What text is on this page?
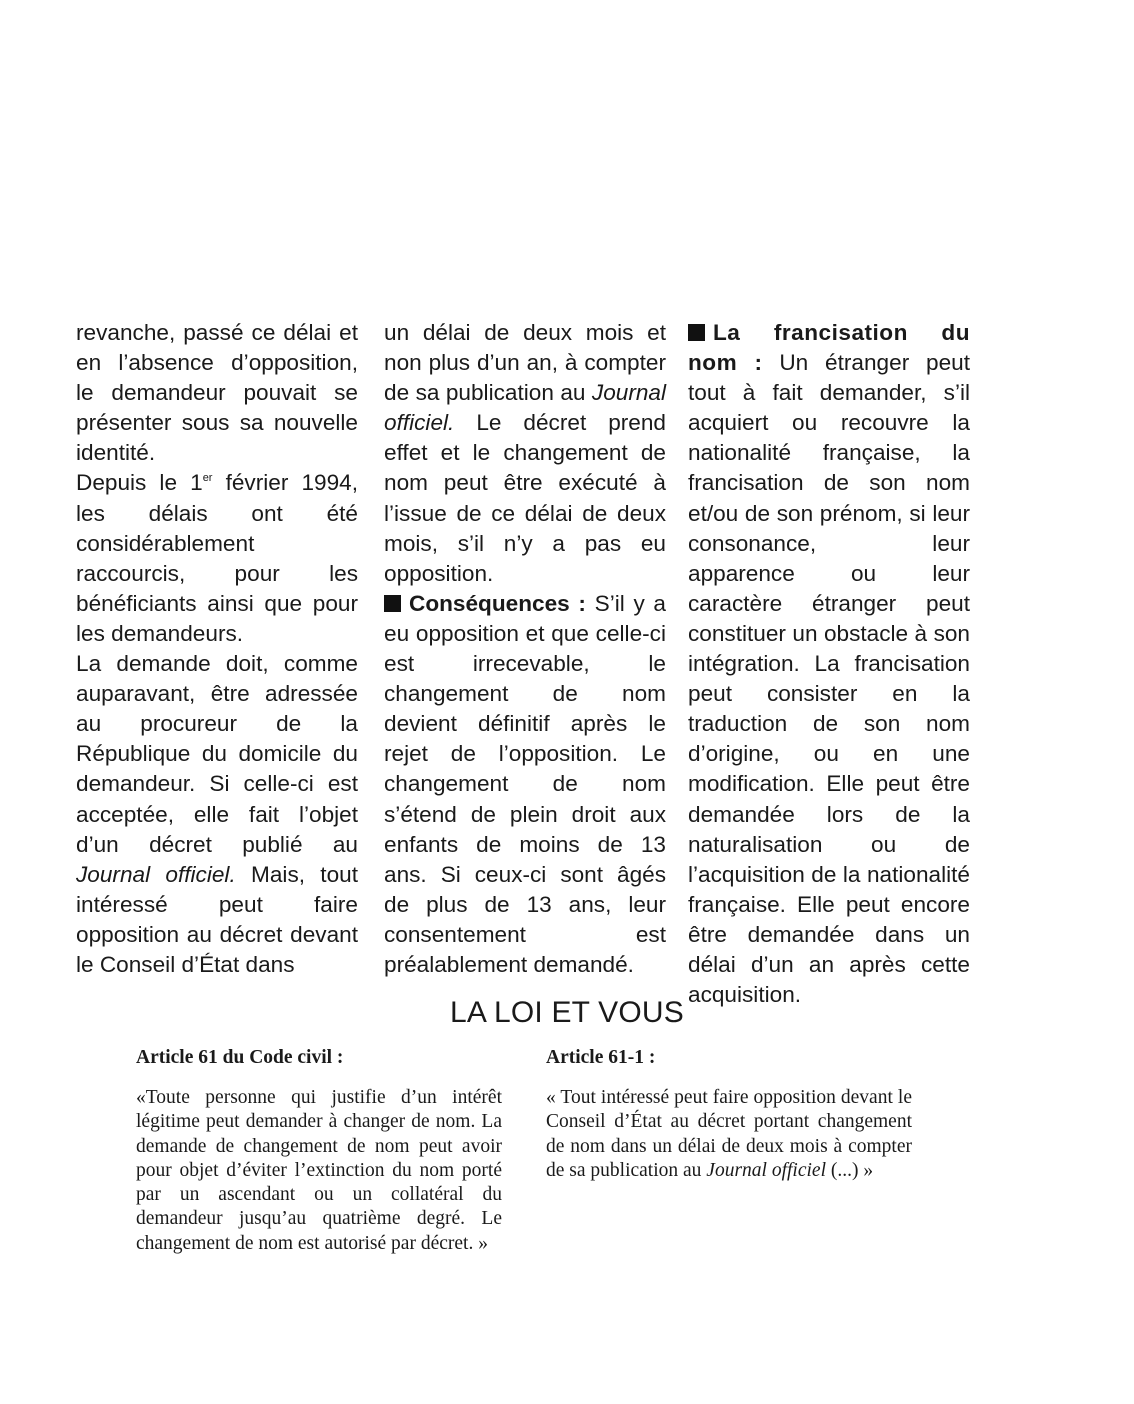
revanche, passé ce délai et en l’absence d’opposition, le demandeur pouvait se présenter sous sa nouvelle identité.

Depuis le 1er février 1994, les délais ont été considérablement raccourcis, pour les bénéficiants ainsi que pour les demandeurs.

La demande doit, comme auparavant, être adressée au procureur de la République du domicile du demandeur. Si celle-ci est acceptée, elle fait l’objet d’un décret publié au Journal officiel. Mais, tout intéressé peut faire opposition au décret devant le Conseil d’État dans

un délai de deux mois et non plus d’un an, à compter de sa publication au Journal officiel. Le décret prend effet et le changement de nom peut être exécuté à l’issue de ce délai de deux mois, s’il n’y a pas eu opposition.

Conséquences : S’il y a eu opposition et que celle-ci est irrecevable, le changement de nom devient définitif après le rejet de l’opposition. Le changement de nom s’étend de plein droit aux enfants de moins de 13 ans. Si ceux-ci sont âgés de plus de 13 ans, leur consentement est préalablement demandé.

La francisation du nom : Un étranger peut tout à fait demander, s’il acquiert ou recouvre la nationalité française, la francisation de son nom et/ou de son prénom, si leur consonance, leur apparence ou leur caractère étranger peut constituer un obstacle à son intégration. La francisation peut consister en la traduction de son nom d’origine, ou en une modification. Elle peut être demandée lors de la naturalisation ou de l’acquisition de la nationalité française. Elle peut encore être demandée dans un délai d’un an après cette acquisition.

LA LOI ET VOUS
Article 61 du Code civil :

«Toute personne qui justifie d’un intérêt légitime peut demander à changer de nom. La demande de changement de nom peut avoir pour objet d’éviter l’extinction du nom porté par un ascendant ou un collatéral du demandeur jusqu’au quatrième degré. Le changement de nom est autorisé par décret. »

Article 61-1 :

« Tout intéressé peut faire opposition devant le Conseil d’État au décret portant changement de nom dans un délai de deux mois à compter de sa publication au Journal officiel (...) »
